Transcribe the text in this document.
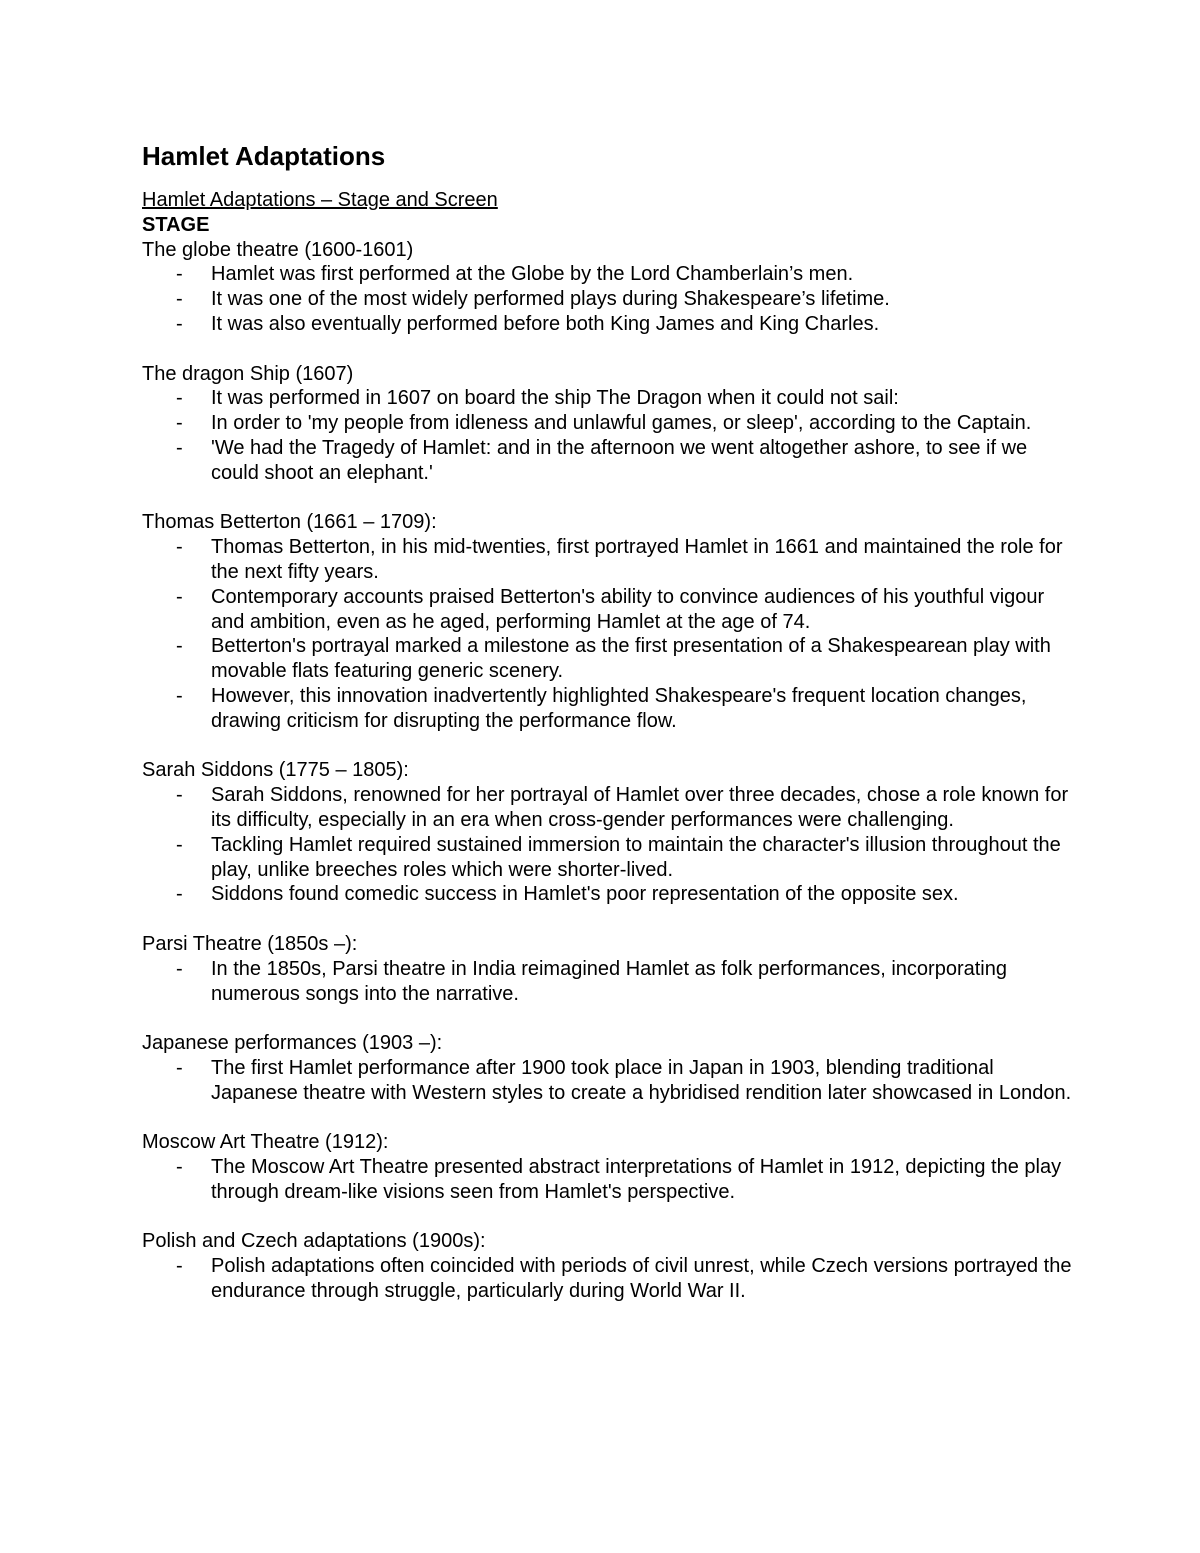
Hamlet Adaptations

Hamlet Adaptations – Stage and Screen

STAGE

The globe theatre (1600-1601)

- Hamlet was first performed at the Globe by the Lord Chamberlain’s men.
- It was one of the most widely performed plays during Shakespeare’s lifetime.
- It was also eventually performed before both King James and King Charles.

The dragon Ship (1607)

- It was performed in 1607 on board the ship The Dragon when it could not sail:
- In order to 'my people from idleness and unlawful games, or sleep', according to the Captain.
- 'We had the Tragedy of Hamlet: and in the afternoon we went altogether ashore, to see if we could shoot an elephant.'

Thomas Betterton (1661 – 1709):

- Thomas Betterton, in his mid-twenties, first portrayed Hamlet in 1661 and maintained the role for the next fifty years.
- Contemporary accounts praised Betterton's ability to convince audiences of his youthful vigour and ambition, even as he aged, performing Hamlet at the age of 74.
- Betterton's portrayal marked a milestone as the first presentation of a Shakespearean play with movable flats featuring generic scenery.
- However, this innovation inadvertently highlighted Shakespeare's frequent location changes, drawing criticism for disrupting the performance flow.

Sarah Siddons (1775 – 1805):

- Sarah Siddons, renowned for her portrayal of Hamlet over three decades, chose a role known for its difficulty, especially in an era when cross-gender performances were challenging.
- Tackling Hamlet required sustained immersion to maintain the character's illusion throughout the play, unlike breeches roles which were shorter-lived.
- Siddons found comedic success in Hamlet's poor representation of the opposite sex.

Parsi Theatre (1850s –):

- In the 1850s, Parsi theatre in India reimagined Hamlet as folk performances, incorporating numerous songs into the narrative.

Japanese performances (1903 –):

- The first Hamlet performance after 1900 took place in Japan in 1903, blending traditional Japanese theatre with Western styles to create a hybridised rendition later showcased in London.

Moscow Art Theatre (1912):

- The Moscow Art Theatre presented abstract interpretations of Hamlet in 1912, depicting the play through dream-like visions seen from Hamlet's perspective.

Polish and Czech adaptations (1900s):

- Polish adaptations often coincided with periods of civil unrest, while Czech versions portrayed the endurance through struggle, particularly during World War II.
